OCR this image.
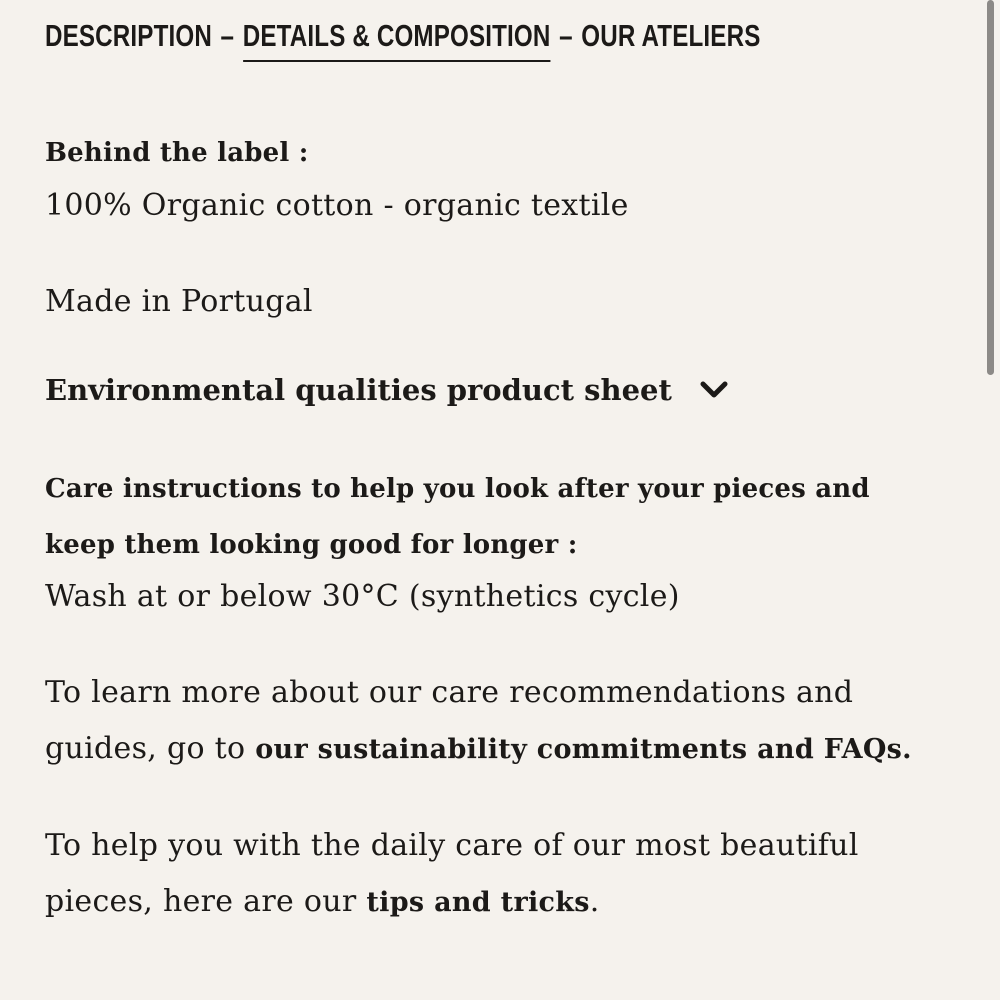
DESCRIPTION – DETAILS & COMPOSITION – OUR ATELIERS
Behind the label :
100% Organic cotton - organic textile
Made in Portugal
Environmental qualities product sheet
Care instructions to help you look after your pieces and
keep them looking good for longer :
Wash at or below 30°C (synthetics cycle)
To learn more about our care recommendations and
guides, go to our sustainability commitments and FAQs.
To help you with the daily care of our most beautiful
pieces, here are our tips and tricks.
